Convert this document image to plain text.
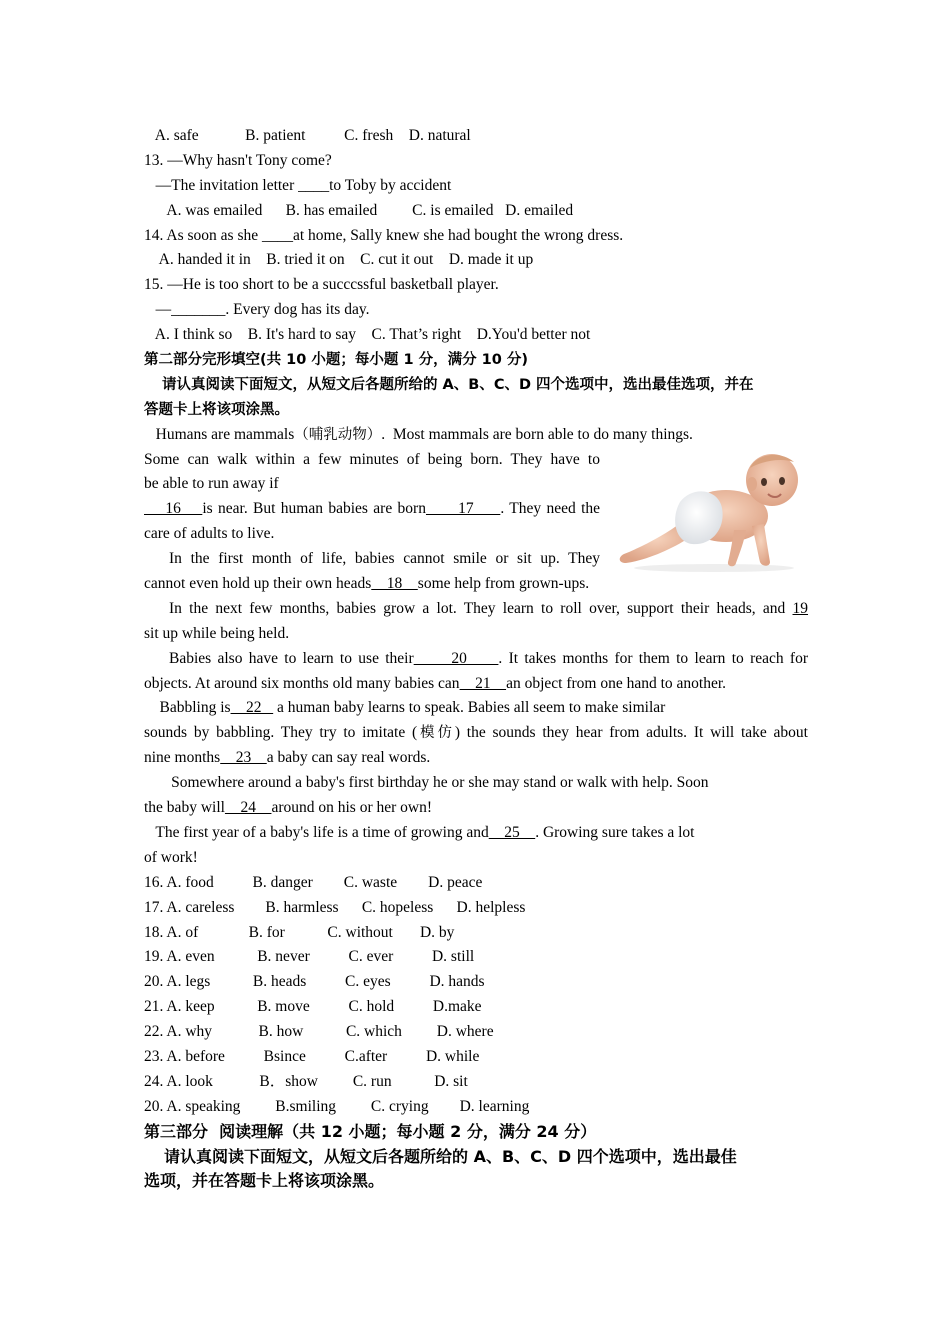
A. safe            B. patient          C. fresh    D. natural
13. —Why hasn't Tony come?
—The invitation letter ____to Toby by accident
A. was emailed      B. has emailed         C. is emailed   D. emailed
14. As soon as she ____at home, Sally knew she had bought the wrong dress.
A. handed it in    B. tried it on    C. cut it out    D. made it up
15. —He is too short to be a succcssful basketball player.
—_______. Every dog has its day.
A. I think so    B. It's hard to say    C. That’s right    D.You'd better not
第二部分完形填空(共 10 小题；每小题 1 分，满分 10 分)
请认真阅读下面短文，从短文后各题所给的 A、B、C、D 四个选项中，选出最佳选项，并在
答题卡上将该项涂黑。
Humans are mammals（哺乳动物）.  Most mammals are born able to do many things.
Some can walk within a few minutes of being born. They have to
be able to run away if
16    is near. But human babies are born      17     . They need the
care of adults to live.
In the first month of life, babies cannot smile or sit up. They
cannot even hold up their own heads    18    some help from grown-ups.
In the next few months, babies grow a lot. They learn to roll over, support their heads, and 19
sit up while being held.
Babies also have to learn to use their      20     . It takes months for them to learn to reach for
objects. At around six months old many babies can    21    an object from one hand to another.
Babbling is    22    a human baby learns to speak. Babies all seem to make similar
sounds by babbling. They try to imitate (模仿) the sounds they hear from adults. It will take about
nine months    23    a baby can say real words.
Somewhere around a baby's first birthday he or she may stand or walk with help. Soon
the baby will    24    around on his or her own!
The first year of a baby's life is a time of growing and    25    . Growing sure takes a lot
of work!
16. A. food          B. danger        C. waste        D. peace
17. A. careless        B. harmless      C. hopeless      D. helpless
18. A. of             B. for           C. without       D. by
19. A. even           B. never          C. ever          D. still
20. A. legs           B. heads          C. eyes          D. hands
21. A. keep           B. move          C. hold          D.make
22. A. why            B. how           C. which         D. where
23. A. before          Bsince          C.after          D. while
24. A. look            B．show         C. run           D. sit
20. A. speaking         B.smiling         C. crying        D. learning
第三部分  阅读理解（共 12 小题；每小题 2 分，满分 24 分）
请认真阅读下面短文，从短文后各题所给的 A、B、C、D 四个选项中，选出最佳
选项，并在答题卡上将该项涂黑。
